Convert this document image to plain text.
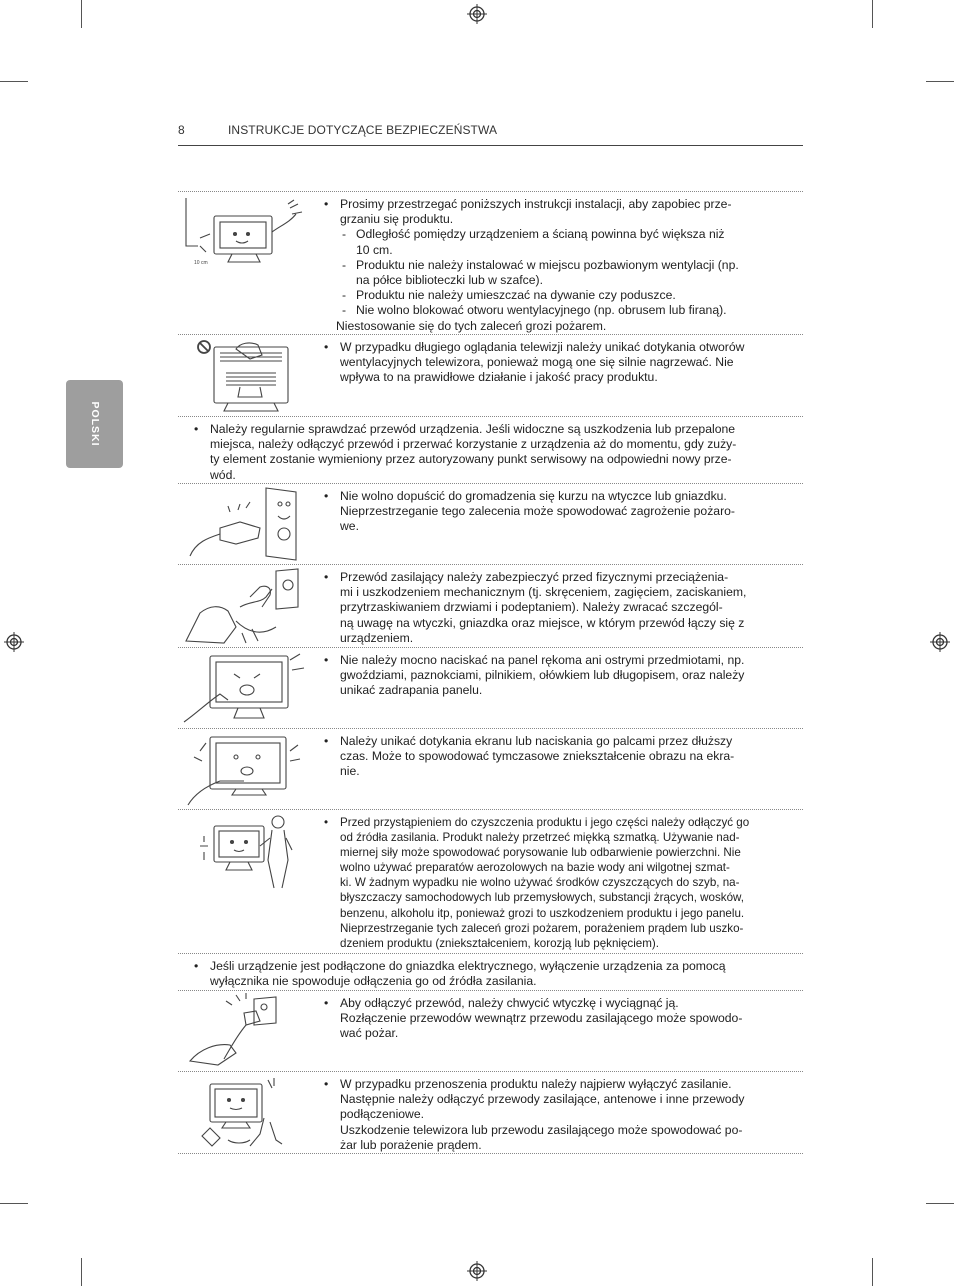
8	INSTRUKCJE DOTYCZĄCE BEZPIECZEŃSTWA
POLSKI
10 cm
• Prosimy przestrzegać poniższych instrukcji instalacji, aby zapobiec prze-
grzaniu się produktu.
- Odległość pomiędzy urządzeniem a ścianą powinna być większa niż
10 cm.
- Produktu nie należy instalować w miejscu pozbawionym wentylacji (np.
na półce biblioteczki lub w szafce).
- Produktu nie należy umieszczać na dywanie czy poduszce.
- Nie wolno blokować otworu wentylacyjnego (np. obrusem lub firaną).
Niestosowanie się do tych zaleceń grozi pożarem.
• W przypadku długiego oglądania telewizji należy unikać dotykania otworów
wentylacyjnych telewizora, ponieważ mogą one się silnie nagrzewać. Nie
wpływa to na prawidłowe działanie i jakość pracy produktu.
• Należy regularnie sprawdzać przewód urządzenia. Jeśli widoczne są uszkodzenia lub przepalone
miejsca, należy odłączyć przewód i przerwać korzystanie z urządzenia aż do momentu, gdy zuży-
ty element zostanie wymieniony przez autoryzowany punkt serwisowy na odpowiedni nowy prze-
wód.
• Nie wolno dopuścić do gromadzenia się kurzu na wtyczce lub gniazdku.
Nieprzestrzeganie tego zalecenia może spowodować zagrożenie pożaro-
we.
• Przewód zasilający należy zabezpieczyć przed fizycznymi przeciążenia-
mi i uszkodzeniem mechanicznym (tj. skręceniem, zagięciem, zaciskaniem,
przytrzaskiwaniem drzwiami i podeptaniem). Należy zwracać szczegól-
ną uwagę na wtyczki, gniazdka oraz miejsce, w którym przewód łączy się z
urządzeniem.
• Nie należy mocno naciskać na panel rękoma ani ostrymi przedmiotami, np.
gwoździami, paznokciami, pilnikiem, ołówkiem lub długopisem, oraz należy
unikać zadrapania panelu.
• Należy unikać dotykania ekranu lub naciskania go palcami przez dłuższy
czas. Może to spowodować tymczasowe zniekształcenie obrazu na ekra-
nie.
• Przed przystąpieniem do czyszczenia produktu i jego części należy odłączyć go
od źródła zasilania. Produkt należy przetrzeć miękką szmatką. Używanie nad-
miernej siły może spowodować porysowanie lub odbarwienie powierzchni. Nie
wolno używać preparatów aerozolowych na bazie wody ani wilgotnej szmat-
ki. W żadnym wypadku nie wolno używać środków czyszczących do szyb, na-
błyszczaczy samochodowych lub przemysłowych, substancji żrących, wosków,
benzenu, alkoholu itp, ponieważ grozi to uszkodzeniem produktu i jego panelu.
Nieprzestrzeganie tych zaleceń grozi pożarem, porażeniem prądem lub uszko-
dzeniem produktu (zniekształceniem, korozją lub pęknięciem).
• Jeśli urządzenie jest podłączone do gniazdka elektrycznego, wyłączenie urządzenia za pomocą
wyłącznika nie spowoduje odłączenia go od źródła zasilania.
• Aby odłączyć przewód, należy chwycić wtyczkę i wyciągnąć ją.
Rozłączenie przewodów wewnątrz przewodu zasilającego może spowodo-
wać pożar.
• W przypadku przenoszenia produktu należy najpierw wyłączyć zasilanie.
Następnie należy odłączyć przewody zasilające, antenowe i inne przewody
podłączeniowe.
Uszkodzenie telewizora lub przewodu zasilającego może spowodować po-
żar lub porażenie prądem.
